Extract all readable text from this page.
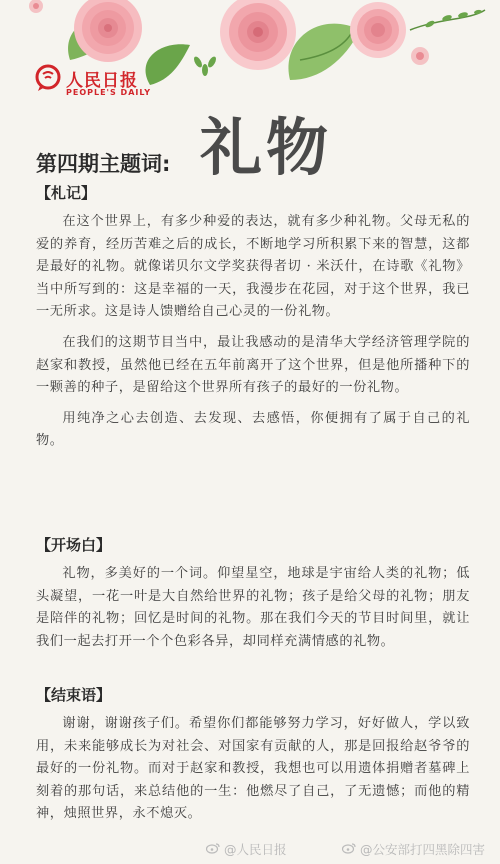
人民日报
PEOPLE'S DAILY
第四期主题词: 礼物
【札记】

在这个世界上，有多少种爱的表达，就有多少种礼物。父母无私的爱的养育，经历苦难之后的成长，不断地学习所积累下来的智慧，这都是最好的礼物。就像诺贝尔文学奖获得者切 · 米沃什，在诗歌《礼物》当中所写到的：这是幸福的一天，我漫步在花园，对于这个世界，我已一无所求。这是诗人馈赠给自己心灵的一份礼物。

在我们的这期节目当中，最让我感动的是清华大学经济管理学院的赵家和教授，虽然他已经在五年前离开了这个世界，但是他所播种下的一颗善的种子，是留给这个世界所有孩子的最好的一份礼物。

用纯净之心去创造、去发现、去感悟，你便拥有了属于自己的礼物。

【开场白】

礼物，多美好的一个词。仰望星空，地球是宇宙给人类的礼物；低头凝望，一花一叶是大自然给世界的礼物；孩子是给父母的礼物；朋友是陪伴的礼物；回忆是时间的礼物。那在我们今天的节目时间里，就让我们一起去打开一个个色彩各异，却同样充满情感的礼物。

【结束语】

谢谢，谢谢孩子们。希望你们都能够努力学习，好好做人，学以致用，未来能够成长为对社会、对国家有贡献的人，那是回报给赵爷爷的最好的一份礼物。而对于赵家和教授，我想也可以用遗体捐赠者墓碑上刻着的那句话，来总结他的一生：他燃尽了自己，了无遗憾；而他的精神，烛照世界，永不熄灭。

@人民日报	@公安部打四黑除四害
